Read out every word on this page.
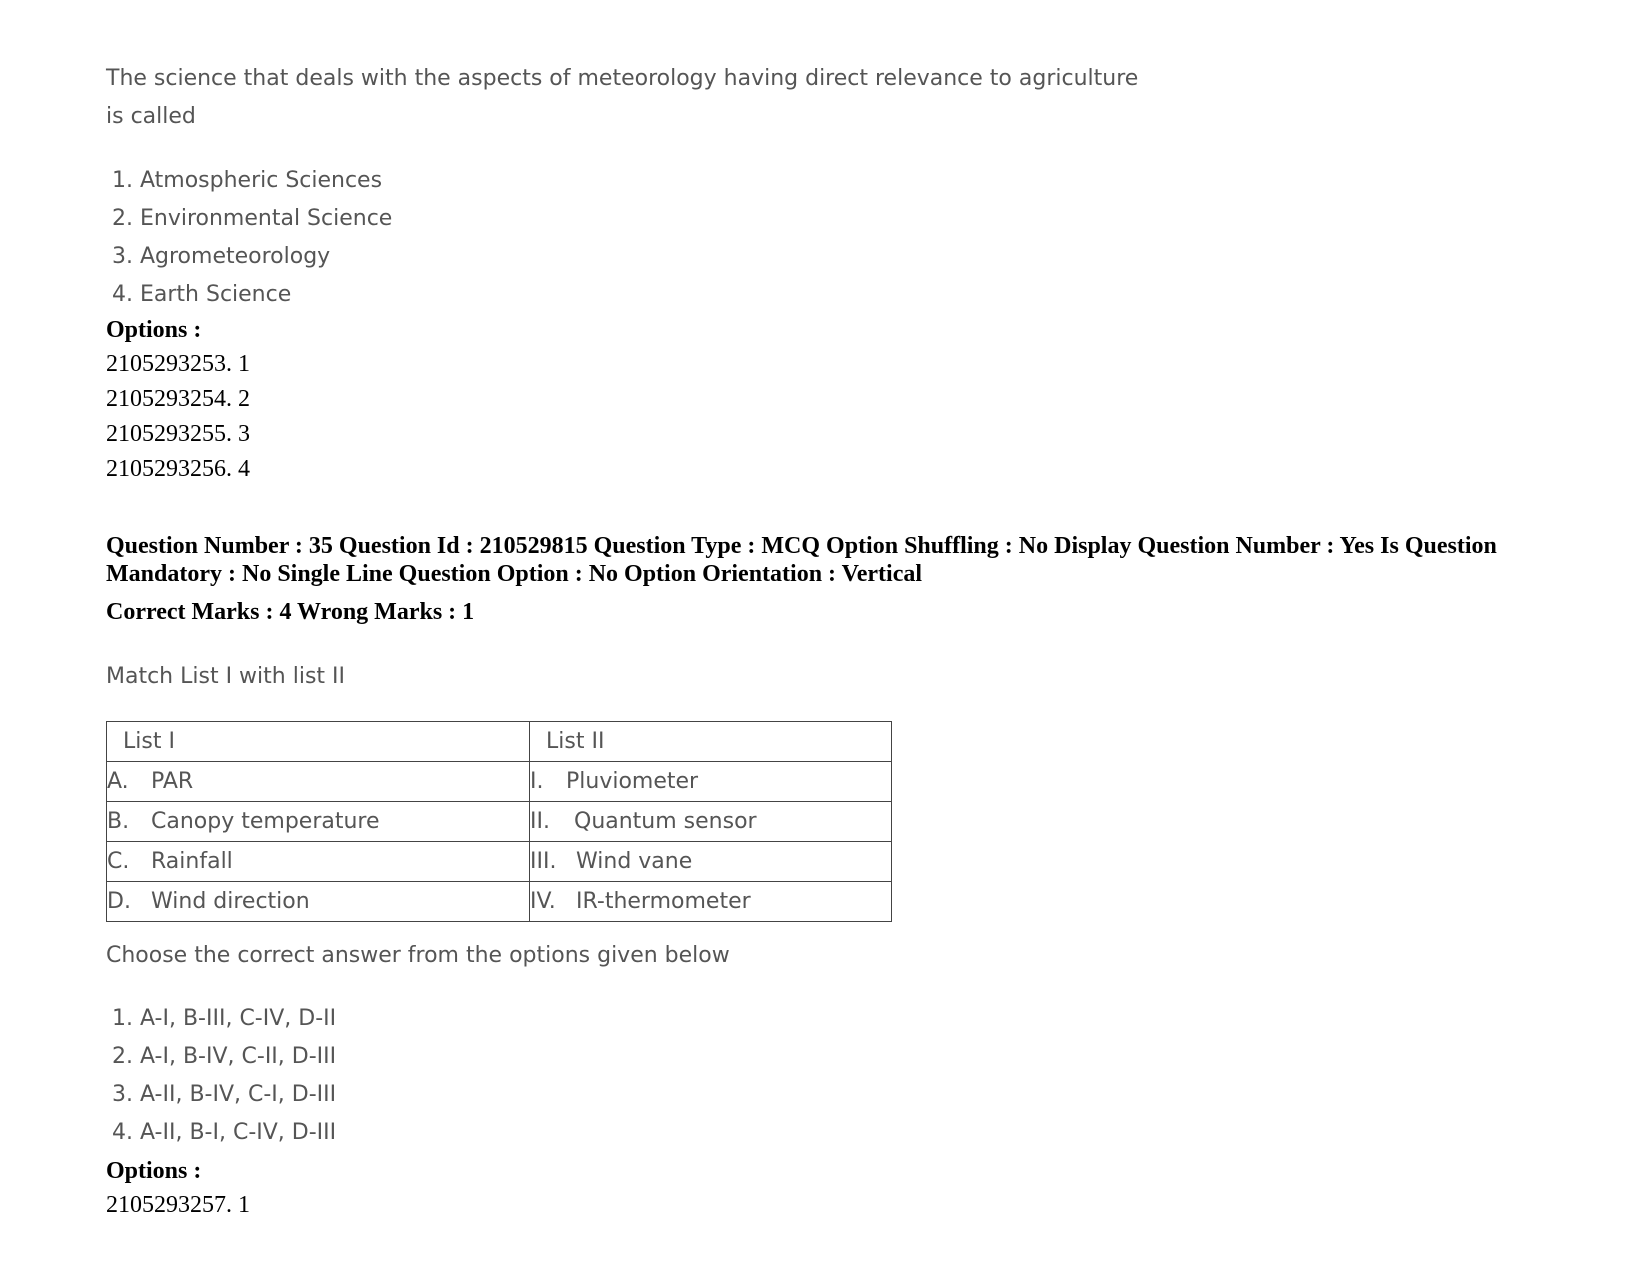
The science that deals with the aspects of meteorology having direct relevance to agriculture
is called
1. Atmospheric Sciences
2. Environmental Science
3. Agrometeorology
4. Earth Science
Options :
2105293253. 1
2105293254. 2
2105293255. 3
2105293256. 4
Question Number : 35 Question Id : 210529815 Question Type : MCQ Option Shuffling : No Display Question Number : Yes Is Question
Mandatory : No Single Line Question Option : No Option Orientation : Vertical
Correct Marks : 4 Wrong Marks : 1
Match List I with list II
List I	List II
A. PAR	I. Pluviometer
B. Canopy temperature	II. Quantum sensor
C. Rainfall	III. Wind vane
D. Wind direction	IV. IR-thermometer
Choose the correct answer from the options given below
1. A-I, B-III, C-IV, D-II
2. A-I, B-IV, C-II, D-III
3. A-II, B-IV, C-I, D-III
4. A-II, B-I, C-IV, D-III
Options :
2105293257. 1
